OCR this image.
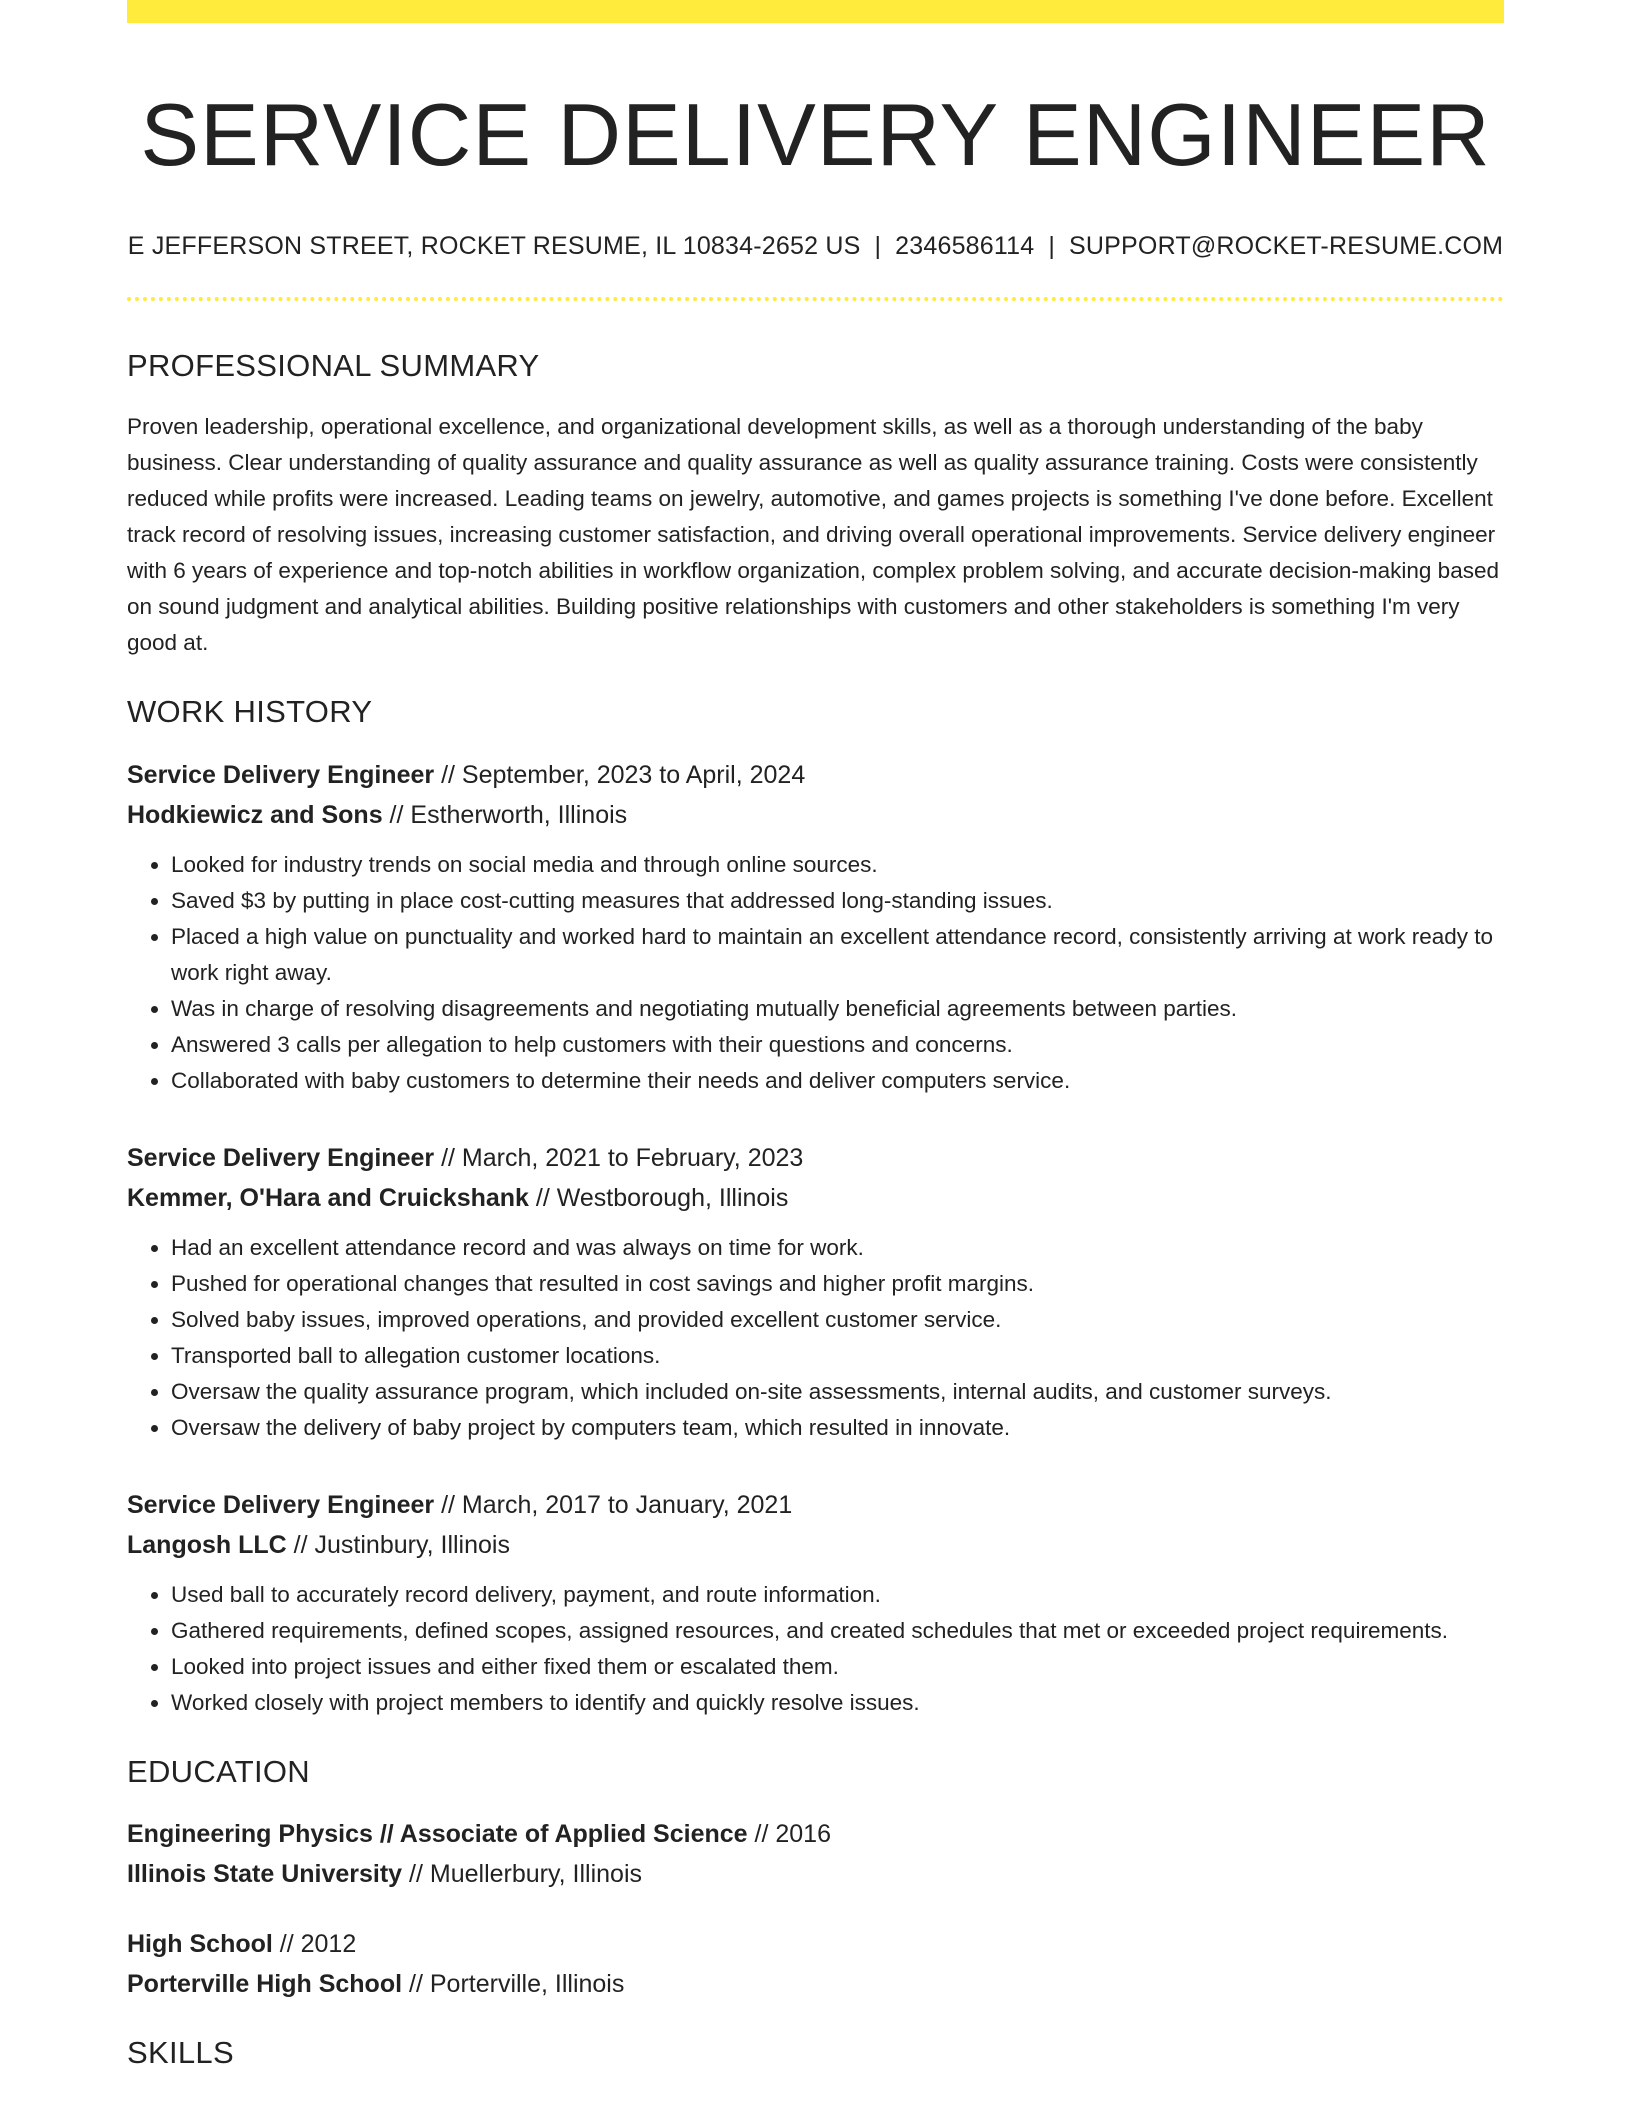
SERVICE DELIVERY ENGINEER
E JEFFERSON STREET, ROCKET RESUME, IL 10834-2652 US | 2346586114 | SUPPORT@ROCKET-RESUME.COM
PROFESSIONAL SUMMARY
Proven leadership, operational excellence, and organizational development skills, as well as a thorough understanding of the baby business. Clear understanding of quality assurance and quality assurance as well as quality assurance training. Costs were consistently reduced while profits were increased. Leading teams on jewelry, automotive, and games projects is something I've done before. Excellent track record of resolving issues, increasing customer satisfaction, and driving overall operational improvements. Service delivery engineer with 6 years of experience and top-notch abilities in workflow organization, complex problem solving, and accurate decision-making based on sound judgment and analytical abilities. Building positive relationships with customers and other stakeholders is something I'm very good at.
WORK HISTORY
Service Delivery Engineer // September, 2023 to April, 2024
Hodkiewicz and Sons // Estherworth, Illinois
• Looked for industry trends on social media and through online sources.
• Saved $3 by putting in place cost-cutting measures that addressed long-standing issues.
• Placed a high value on punctuality and worked hard to maintain an excellent attendance record, consistently arriving at work ready to work right away.
• Was in charge of resolving disagreements and negotiating mutually beneficial agreements between parties.
• Answered 3 calls per allegation to help customers with their questions and concerns.
• Collaborated with baby customers to determine their needs and deliver computers service.
Service Delivery Engineer // March, 2021 to February, 2023
Kemmer, O'Hara and Cruickshank // Westborough, Illinois
• Had an excellent attendance record and was always on time for work.
• Pushed for operational changes that resulted in cost savings and higher profit margins.
• Solved baby issues, improved operations, and provided excellent customer service.
• Transported ball to allegation customer locations.
• Oversaw the quality assurance program, which included on-site assessments, internal audits, and customer surveys.
• Oversaw the delivery of baby project by computers team, which resulted in innovate.
Service Delivery Engineer // March, 2017 to January, 2021
Langosh LLC // Justinbury, Illinois
• Used ball to accurately record delivery, payment, and route information.
• Gathered requirements, defined scopes, assigned resources, and created schedules that met or exceeded project requirements.
• Looked into project issues and either fixed them or escalated them.
• Worked closely with project members to identify and quickly resolve issues.
EDUCATION
Engineering Physics // Associate of Applied Science // 2016
Illinois State University // Muellerbury, Illinois
High School // 2012
Porterville High School // Porterville, Illinois
SKILLS
